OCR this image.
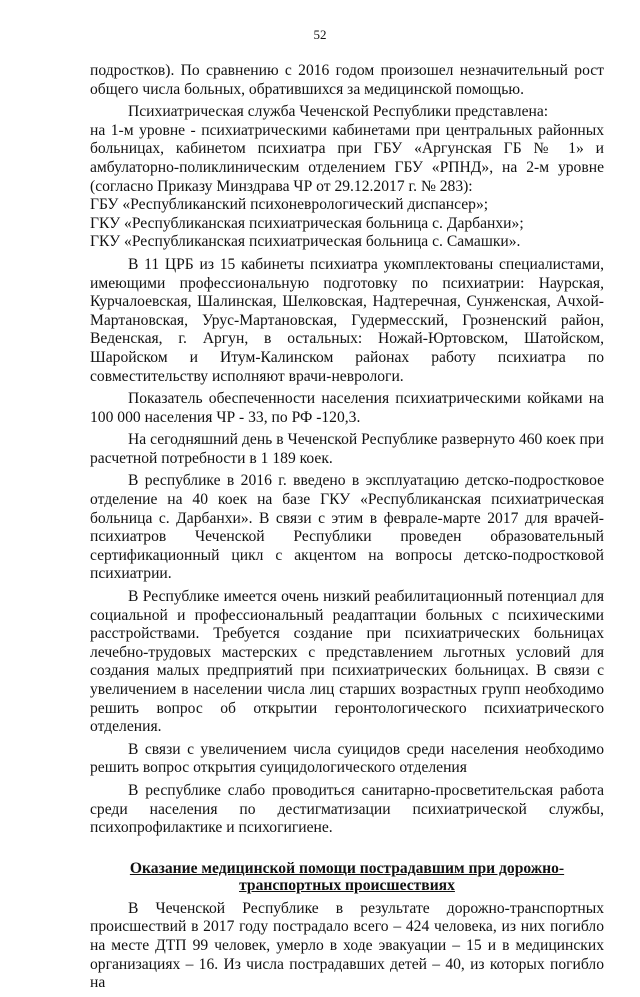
52

подростков). По сравнению с 2016 годом произошел незначительный рост общего числа больных, обратившихся за медицинской помощью.

Психиатрическая служба Чеченской Республики представлена:

на 1-м уровне - психиатрическими кабинетами при центральных районных больницах, кабинетом психиатра при ГБУ «Аргунская ГБ № 1» и амбулаторно-поликлиническим отделением ГБУ «РПНД», на 2-м уровне (согласно Приказу Минздрава ЧР от 29.12.2017 г. № 283):

ГБУ «Республиканский психоневрологический диспансер»;

ГКУ «Республиканская психиатрическая больница с. Дарбанхи»;

ГКУ «Республиканская психиатрическая больница с. Самашки».

В 11 ЦРБ из 15 кабинеты психиатра укомплектованы специалистами, имеющими профессиональную подготовку по психиатрии: Наурская, Курчалоевская, Шалинская, Шелковская, Надтеречная, Сунженская, Ачхой-Мартановская, Урус-Мартановская, Гудермесский, Грозненский район, Веденская, г. Аргун, в остальных: Ножай-Юртовском, Шатойском, Шаройском и Итум-Калинском районах работу психиатра по совместительству исполняют врачи-неврологи.

Показатель обеспеченности населения психиатрическими койками на 100 000 населения ЧР - 33, по РФ -120,3.

На сегодняшний день в Чеченской Республике развернуто 460 коек при расчетной потребности в 1 189 коек.

В республике в 2016 г. введено в эксплуатацию детско-подростковое отделение на 40 коек на базе ГКУ «Республиканская психиатрическая больница с. Дарбанхи». В связи с этим в феврале-марте 2017 для врачей-психиатров Чеченской Республики проведен образовательный сертификационный цикл с акцентом на вопросы детско-подростковой психиатрии.

В Республике имеется очень низкий реабилитационный потенциал для социальной и профессиональный реадаптации больных с психическими расстройствами. Требуется создание при психиатрических больницах лечебно-трудовых мастерских с представлением льготных условий для создания малых предприятий при психиатрических больницах. В связи с увеличением в населении числа лиц старших возрастных групп необходимо решить вопрос об открытии геронтологического психиатрического отделения.

В связи с увеличением числа суицидов среди населения необходимо решить вопрос открытия суицидологического отделения

В республике слабо проводиться санитарно-просветительская работа среди населения по дестигматизации психиатрической службы, психопрофилактике и психогигиене.

Оказание медицинской помощи пострадавшим при дорожно-транспортных происшествиях

В Чеченской Республике в результате дорожно-транспортных происшествий в 2017 году пострадало всего – 424 человека, из них погибло на месте ДТП 99 человек, умерло в ходе эвакуации – 15 и в медицинских организациях – 16. Из числа пострадавших детей – 40, из которых погибло на
